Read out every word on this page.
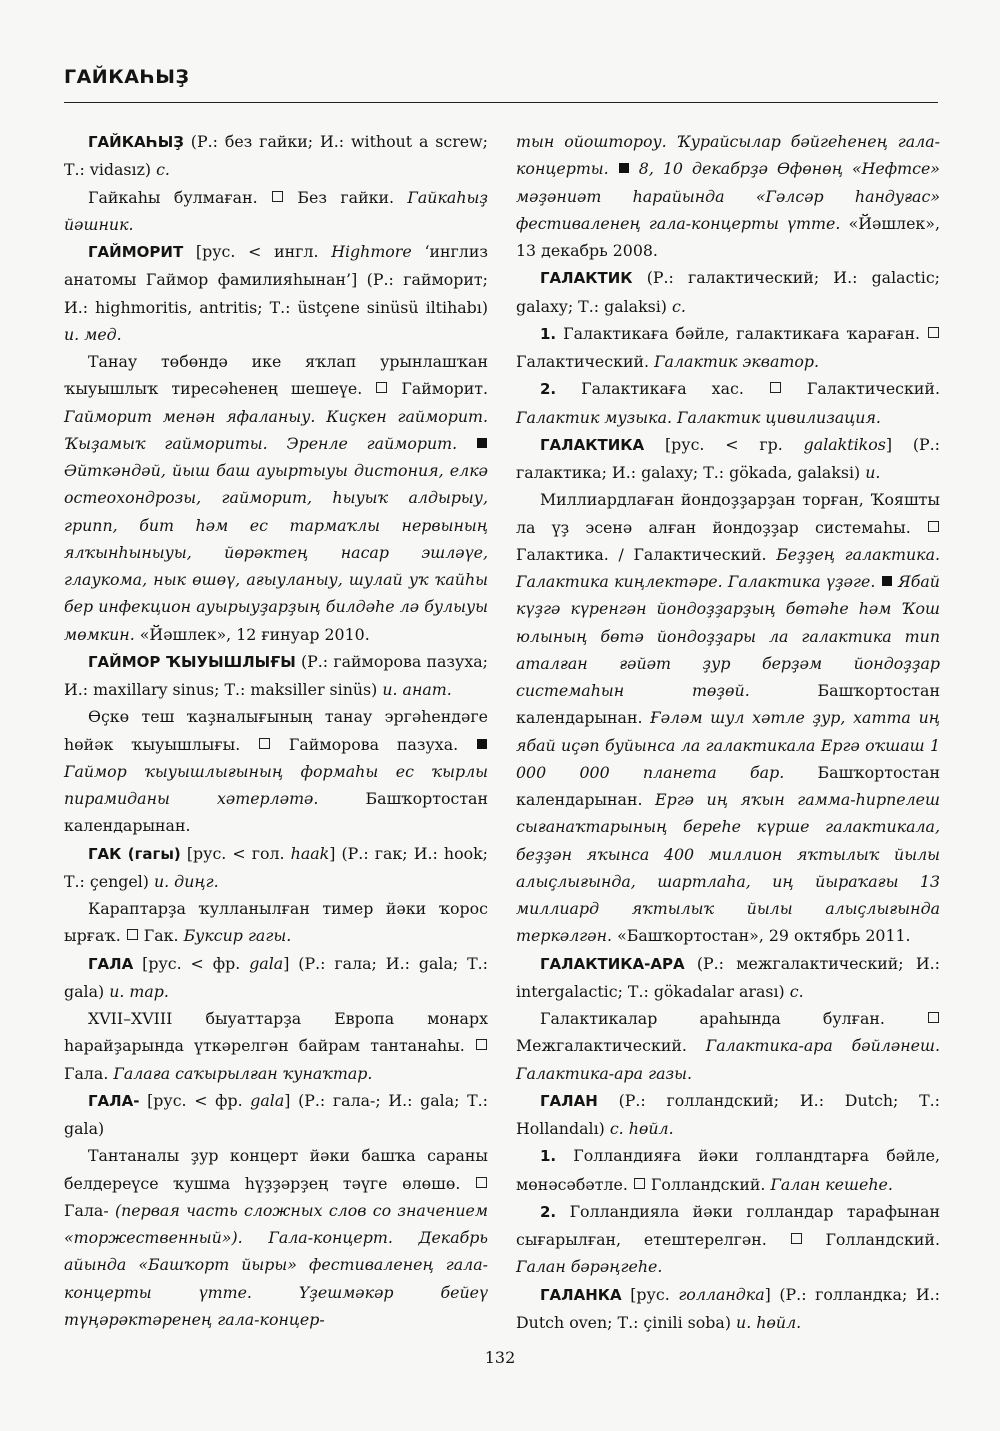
ГАЙКАҺЫҘ

ГАЙКАҺЫҘ (Р.: без гайки; И.: without a screw; Т.: vidasız) с.

Гайкаһы булмаған.  Без гайки. Гайкаһыҙ йәшник.

ГАЙМОРИТ [рус. < ингл. Highmore ‘инглиз анатомы Гаймор фамилияһынан’] (Р.: гайморит; И.: highmoritis, antritis; Т.: üstçene sinüsü iltihabı) и. мед.

Танау төбөндә ике яҡлап урынлашҡан ҡыуышлыҡ тиресәһенең шешеүе.  Гайморит. Гайморит менән яфаланыу. Киҫкен гайморит. Ҡыҙамыҡ гаймориты. Эренле гайморит.  Әйткәндәй, йыш баш ауыртыуы дистония, елкә остеохондрозы, гайморит, һыуыҡ алдырыу, грипп, бит һәм ес тармаҡлы нервының ялҡынһыныуы, йөрәктең насар эшләүе, глаукома, нык өшөү, ағыуланыу, шулай уҡ ҡайһы бер инфекцион ауырыуҙарҙың билдәһе лә булыуы мөмкин. «Йәшлек», 12 ғинуар 2010.

ГАЙМОР ҠЫУЫШЛЫҒЫ (Р.: гайморова пазуха; И.: maxillary sinus; Т.: maksiller sinüs) и. анат.

Өҫкө теш ҡаҙналығының танау эргәһендәге һөйәк ҡыуышлығы.  Гайморова пазуха.  Гаймор ҡыуышлығының формаһы ес ҡырлы пирамиданы хәтерләтә. Башҡортостан календарынан.

ГАК (гагы) [рус. < гол. haak] (Р.: гак; И.: hook; Т.: çengel) и. диңг.

Караптарҙа ҡулланылған тимер йәки ҡорос ырғаҡ.  Гак. Буксир гагы.

ГАЛА [рус. < фр. gala] (Р.: гала; И.: gala; Т.: gala) и. тар.

XVII–XVIII быуаттарҙа Европа монарх һарайҙарында үткәрелгән байрам тантанаһы.  Гала. Галаға саҡырылған ҡунаҡтар.

ГАЛА- [рус. < фр. gala] (Р.: гала-; И.: gala; Т.: gala)

Тантаналы ҙур концерт йәки башҡа сараны белдереүсе ҡушма һүҙҙәрҙең тәүге өлөшө.  Гала- (первая часть сложных слов со значением «торжественный»). Гала-концерт. Декабрь айында «Башҡорт йыры» фестиваленең гала-концерты үтте. Үҙешмәкәр бейеү түңәрәктәренең гала-концер-

тын ойоштороу. Ҡурайсылар бәйгеһенең гала-концерты. 8, 10 декабрҙә Өфөнөң «Нефтсе» мәҙәниәт һарайында «Гәлсәр һандуғас» фестиваленең гала-концерты үтте. «Йәшлек», 13 декабрь 2008.

ГАЛАКТИК (Р.: галактический; И.: galactic; galaxy; Т.: galaksi) с.

1. Галактикаға бәйле, галактикаға ҡараған.  Галактический. Галактик экватор.

2. Галактикаға хас.  Галактический. Галактик музыка. Галактик цивилизация.

ГАЛАКТИКА [рус. < гр. galaktikos] (Р.: галактика; И.: galaxy; Т.: gökada, galaksi) и.

Миллиардлаған йондоҙҙарҙан торған, Ҡояшты ла үҙ эсенә алған йондоҙҙар системаһы.  Галактика. / Галактический. Беҙҙең галактика. Галактика киңлектәре. Галактика үҙәге. Ябай күҙгә күренгән йондоҙҙарҙың бөтәһе һәм Ҡош юлының бөтә йондоҙҙары ла галактика тип аталған ғәйәт ҙур берҙәм йондоҙҙар системаһын төҙөй. Башҡортостан календарынан. Ғәләм шул хәтле ҙур, хатта иң ябай иҫәп буйынса ла галактикала Ергә оҡшаш 1 000 000 планета бар. Башҡортостан календарынан. Ергә иң яҡын гамма-һирпелеш сығанаҡтарының береһе күрше галактикала, беҙҙән яҡынса 400 миллион яҡтылыҡ йылы алыҫлығында, шартлаһа, иң йыраҡағы 13 миллиард яҡтылыҡ йылы алыҫлығында теркәлгән. «Башҡортостан», 29 октябрь 2011.

ГАЛАКТИКА-АРА (Р.: межгалактический; И.: intergalactic; Т.: gökadalar arası) с.

Галактикалар араһында булған.  Межгалактический. Галактика-ара бәйләнеш. Галактика-ара газы.

ГАЛАН (Р.: голландский; И.: Dutch; Т.: Hollandalı) с. һөйл.

1. Голландияға йәки голландтарға бәйле, мөнәсәбәтле.  Голландский. Галан кешеһе.

2. Голландияла йәки голландар тарафынан сығарылған, етештерелгән.  Голландский. Галан бәрәңгеһе.

ГАЛАНКА [рус. голландка] (Р.: голландка; И.: Dutch oven; Т.: çinili soba) и. һөйл.

132
